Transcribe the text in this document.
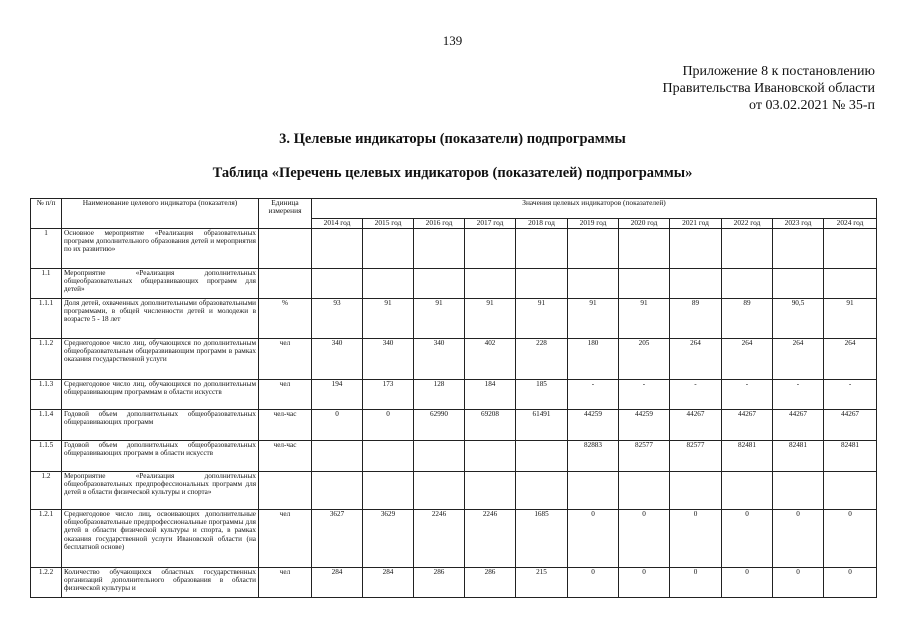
139
Приложение 8 к постановлению
Правительства Ивановской области
от 03.02.2021 № 35-п
3. Целевые индикаторы (показатели) подпрограммы
Таблица «Перечень целевых индикаторов (показателей) подпрограммы»
№ п/п	Наименование целевого индикатора (показателя)	Единица измерения	Значения целевых индикаторов (показателей)										
			2014 год	2015 год	2016 год	2017 год	2018 год	2019 год	2020 год	2021 год	2022 год	2023 год	2024 год
1	Основное мероприятие «Реализация образовательных программ дополнительного образования детей и мероприятия по их развитию»												
1.1	Мероприятие «Реализация дополнительных общеобразовательных общеразвивающих программ для детей»												
1.1.1	Доля детей, охваченных дополнительными образовательными программами, в общей численности детей и молодежи в возрасте 5 - 18 лет	%	93	91	91	91	91	91	91	89	89	90,5	91
1.1.2	Среднегодовое число лиц, обучающихся по дополнительным общеобразовательным общеразвивающим программ в рамках оказания государственной услуги	чел	340	340	340	402	228	180	205	264	264	264	264
1.1.3	Среднегодовое число лиц, обучающихся по дополнительным общеразвивающим программам в области искусств	чел	194	173	128	184	185	-	-	-	-	-	-
1.1.4	Годовой объем дополнительных общеобразовательных общеразвивающих программ	чел-час	0	0	62990	69208	61491	44259	44259	44267	44267	44267	44267
1.1.5	Годовой объем дополнительных общеобразовательных общеразвивающих программ в области искусств	чел-час						82883	82577	82577	82481	82481	82481
1.2	Мероприятие «Реализация дополнительных общеобразовательных предпрофессиональных программ для детей в области физической культуры и спорта»												
1.2.1	Среднегодовое число лиц, освоивающих дополнительные общеобразовательные предпрофессиональные программы для детей в области физической культуры и спорта, в рамках оказания государственной услуги Ивановской области (на бесплатной основе)	чел	3627	3629	2246	2246	1685	0	0	0	0	0	0
1.2.2	Количество обучающихся областных государственных организаций дополнительного образования в области физической культуры и	чел	284	284	286	286	215	0	0	0	0	0	0
